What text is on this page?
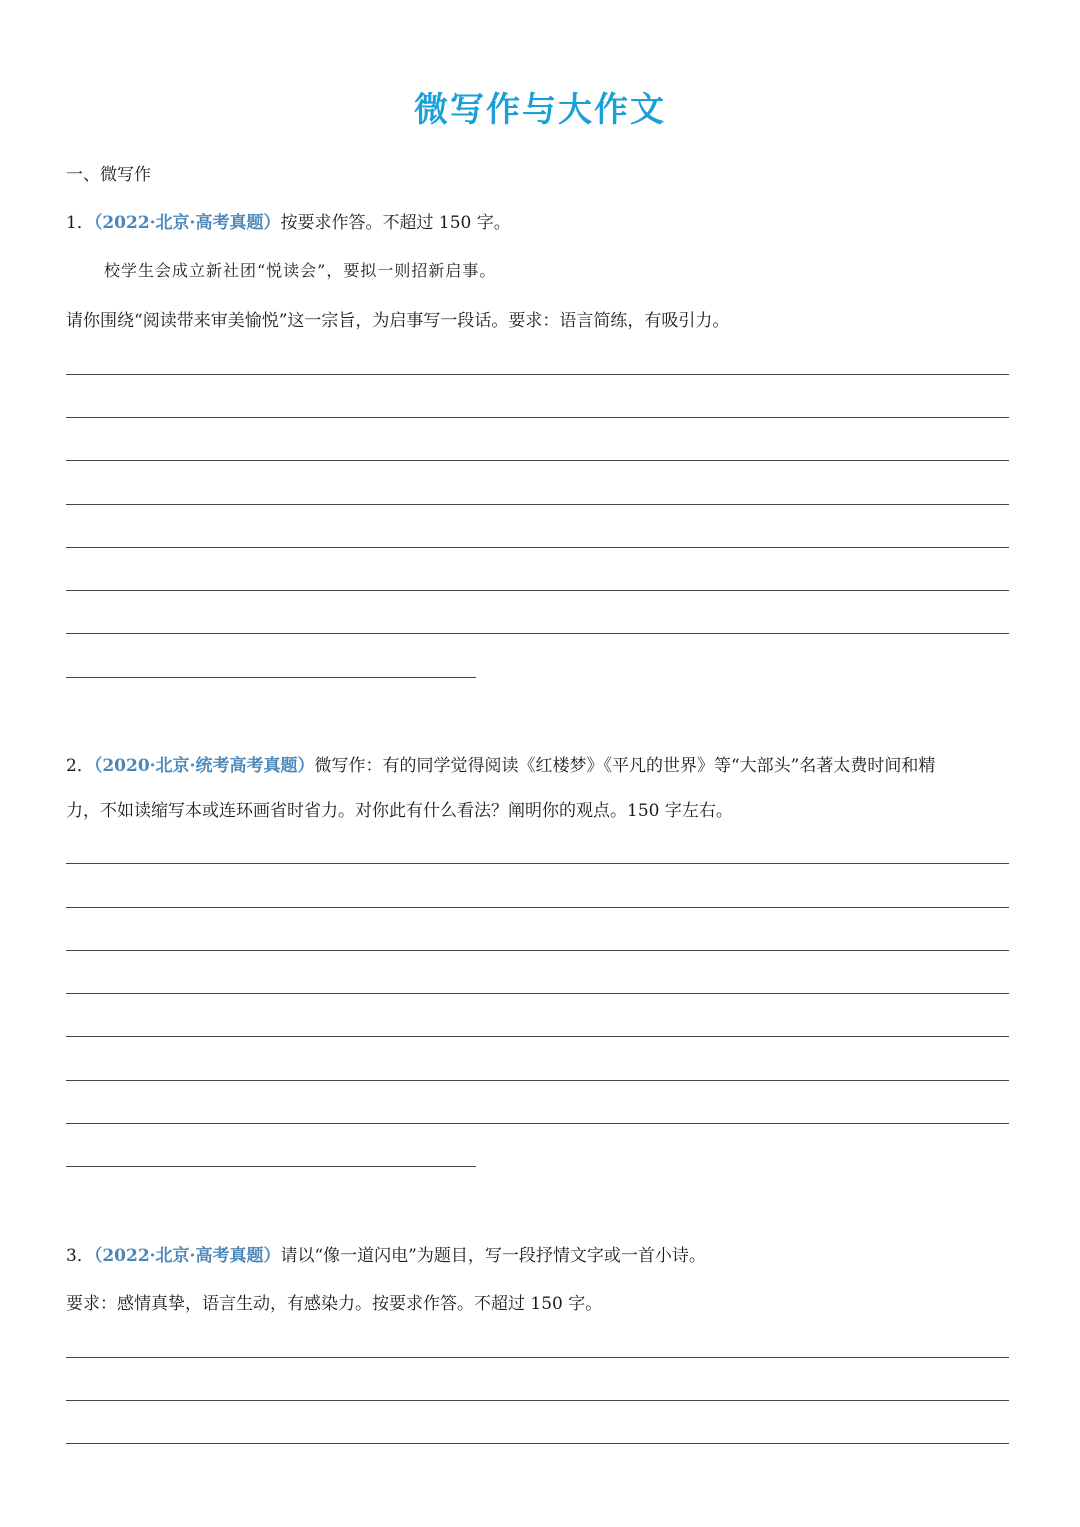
微写作与大作文
一、微写作
1．（2022·北京·高考真题）按要求作答。不超过 150 字。
校学生会成立新社团“悦读会”，要拟一则招新启事。
请你围绕“阅读带来审美愉悦”这一宗旨，为启事写一段话。要求：语言简练，有吸引力。
2．（2020·北京·统考高考真题）微写作：有的同学觉得阅读《红楼梦》《平凡的世界》等“大部头”名著太费时间和精
力，不如读缩写本或连环画省时省力。对你此有什么看法？阐明你的观点。150 字左右。
3．（2022·北京·高考真题）请以“像一道闪电”为题目，写一段抒情文字或一首小诗。
要求：感情真挚，语言生动，有感染力。按要求作答。不超过 150 字。
